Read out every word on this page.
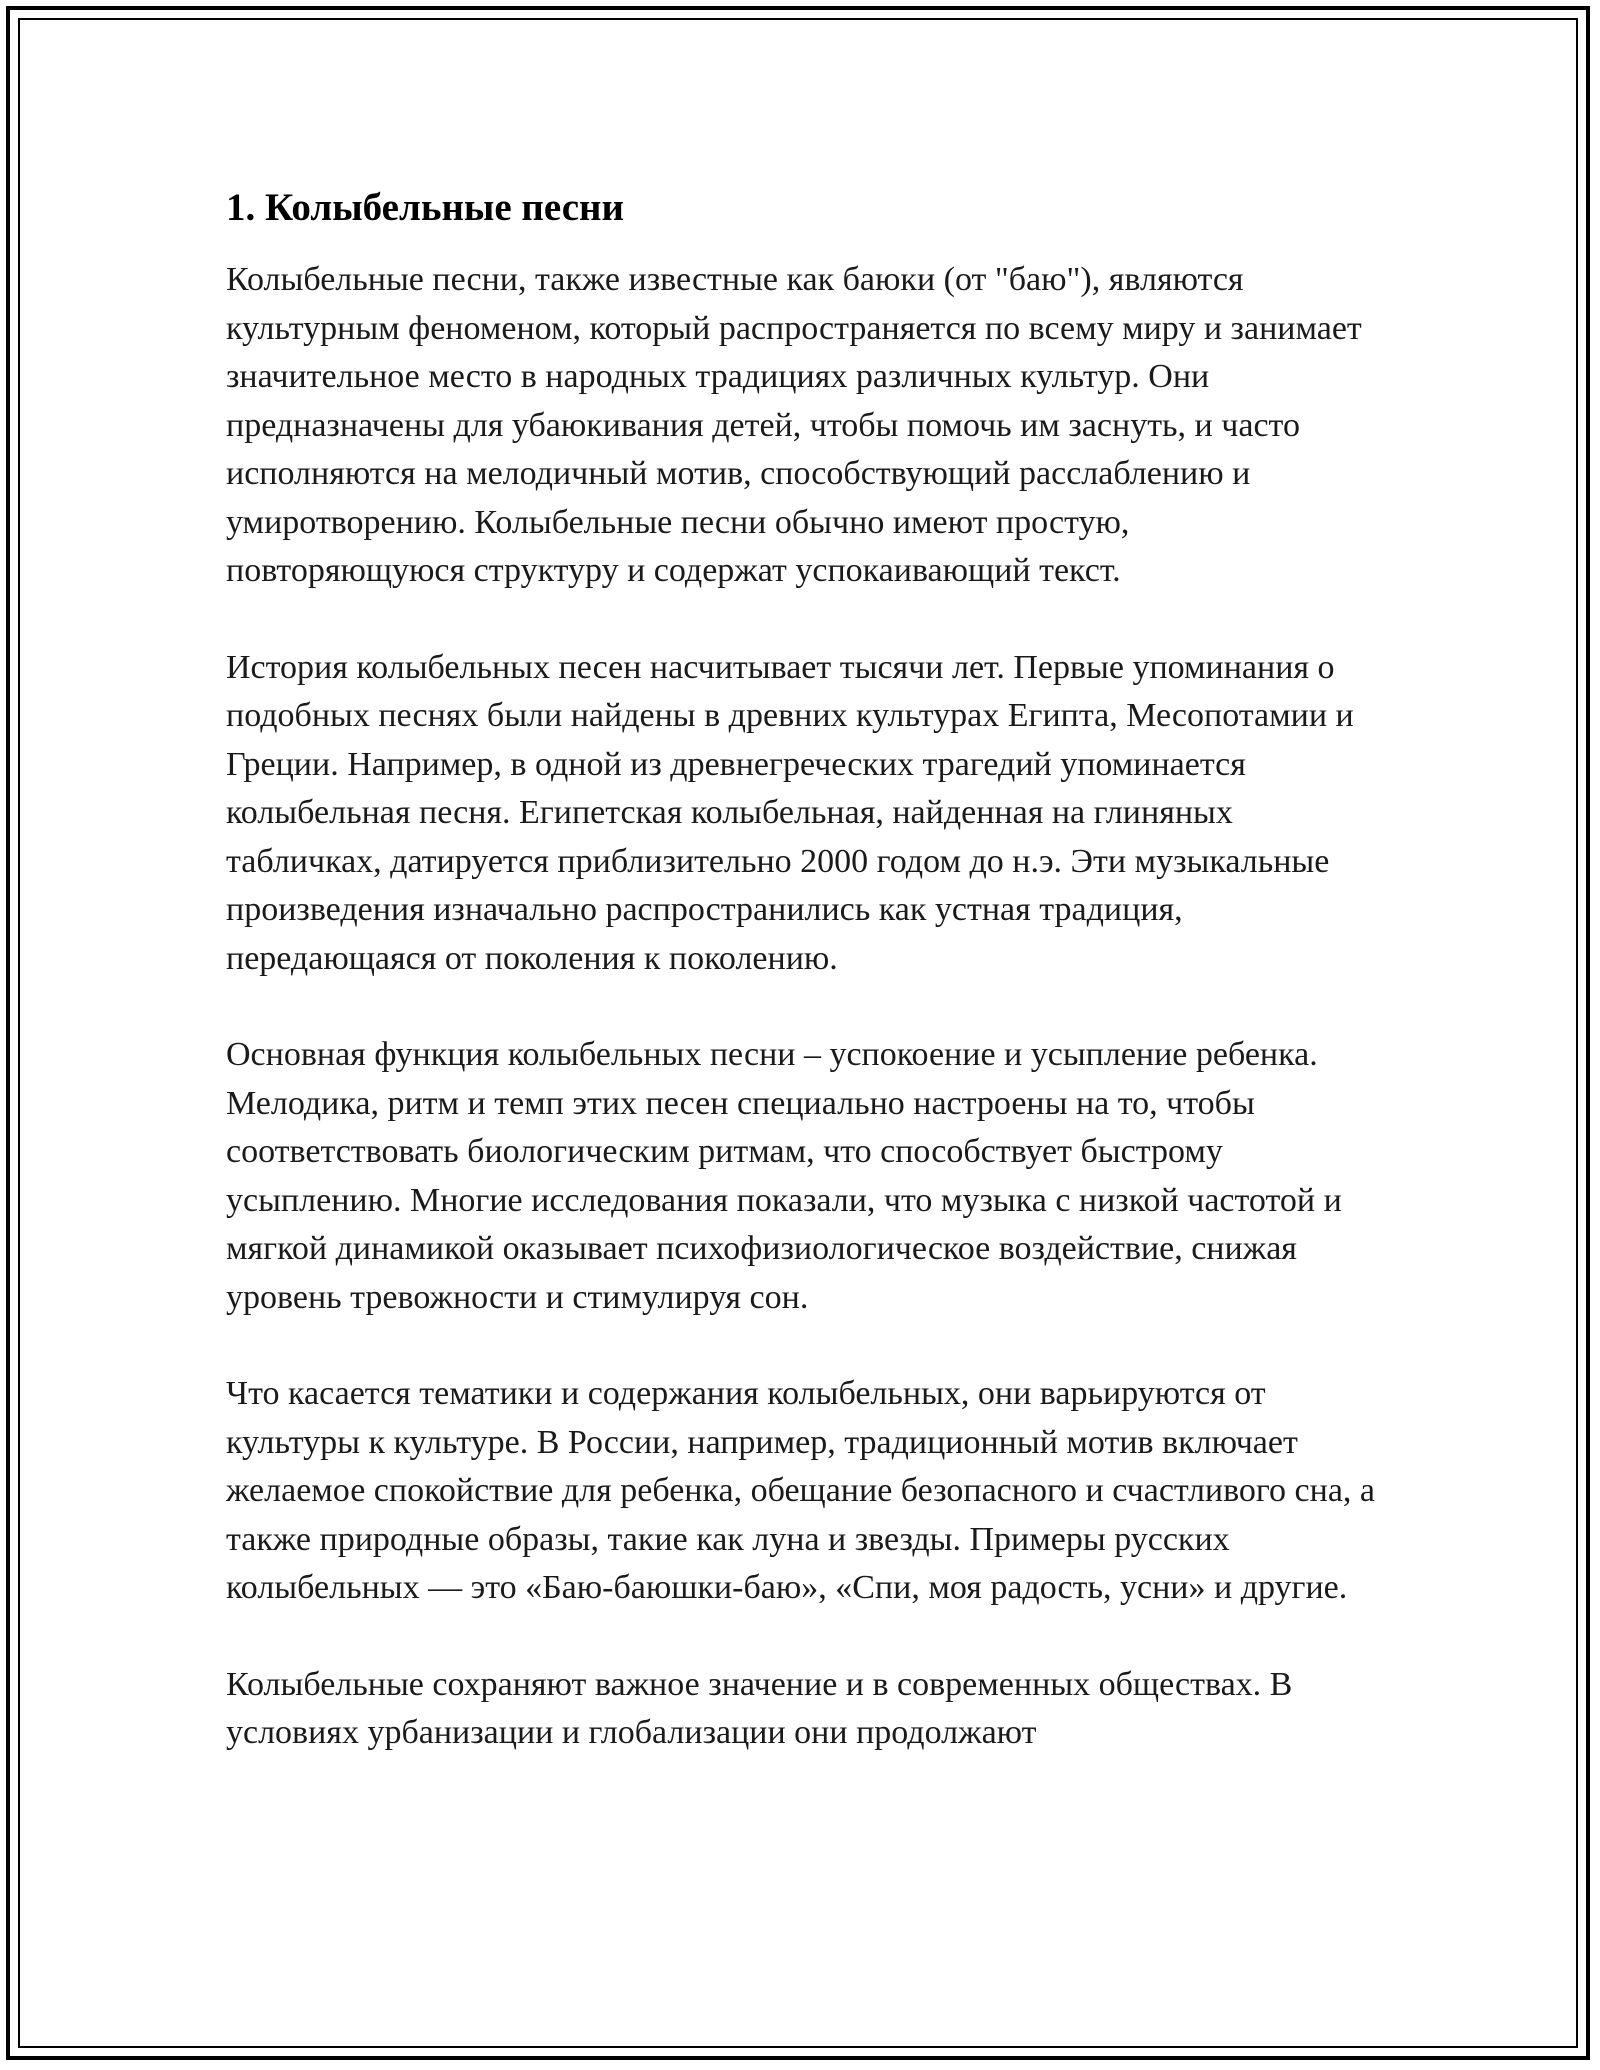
1. Колыбельные песни

Колыбельные песни, также известные как баюки (от "баю"), являются культурным феноменом, который распространяется по всему миру и занимает значительное место в народных традициях различных культур. Они предназначены для убаюкивания детей, чтобы помочь им заснуть, и часто исполняются на мелодичный мотив, способствующий расслаблению и умиротворению. Колыбельные песни обычно имеют простую, повторяющуюся структуру и содержат успокаивающий текст.

История колыбельных песен насчитывает тысячи лет. Первые упоминания о подобных песнях были найдены в древних культурах Египта, Месопотамии и Греции. Например, в одной из древнегреческих трагедий упоминается колыбельная песня. Египетская колыбельная, найденная на глиняных табличках, датируется приблизительно 2000 годом до н.э. Эти музыкальные произведения изначально распространились как устная традиция, передающаяся от поколения к поколению.

Основная функция колыбельных песни – успокоение и усыпление ребенка. Мелодика, ритм и темп этих песен специально настроены на то, чтобы соответствовать биологическим ритмам, что способствует быстрому усыплению. Многие исследования показали, что музыка с низкой частотой и мягкой динамикой оказывает психофизиологическое воздействие, снижая уровень тревожности и стимулируя сон.

Что касается тематики и содержания колыбельных, они варьируются от культуры к культуре. В России, например, традиционный мотив включает желаемое спокойствие для ребенка, обещание безопасного и счастливого сна, а также природные образы, такие как луна и звезды. Примеры русских колыбельных — это «Баю-баюшки-баю», «Спи, моя радость, усни» и другие.

Колыбельные сохраняют важное значение и в современных обществах. В условиях урбанизации и глобализации они продолжают
